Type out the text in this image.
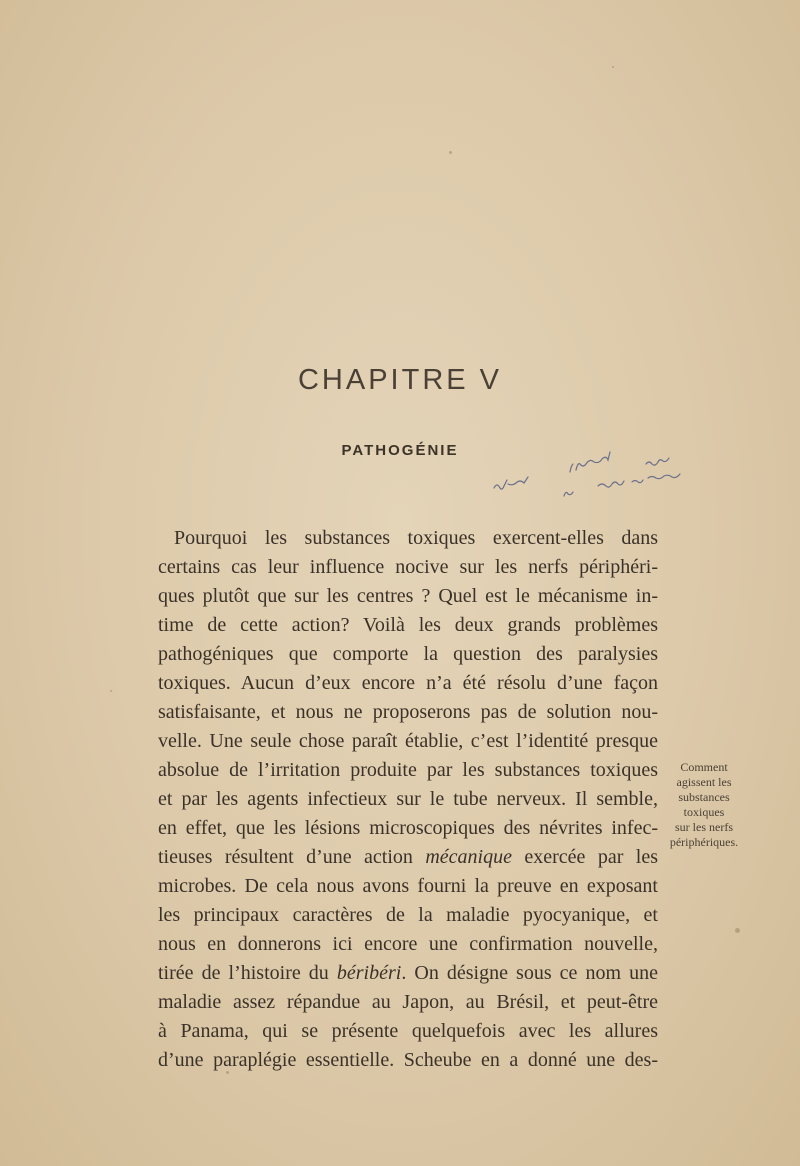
CHAPITRE V
PATHOGÉNIE
Pourquoi les substances toxiques exercent-elles dans
certains cas leur influence nocive sur les nerfs périphéri-
ques plutôt que sur les centres ? Quel est le mécanisme in-
time de cette action? Voilà les deux grands problèmes
pathogéniques que comporte la question des paralysies
toxiques. Aucun d’eux encore n’a été résolu d’une façon
satisfaisante, et nous ne proposerons pas de solution nou-
velle. Une seule chose paraît établie, c’est l’identité presque
absolue de l’irritation produite par les substances toxiques
et par les agents infectieux sur le tube nerveux. Il semble,
en effet, que les lésions microscopiques des névrites infec-
tieuses résultent d’une action mécanique exercée par les
microbes. De cela nous avons fourni la preuve en exposant
les principaux caractères de la maladie pyocyanique, et
nous en donnerons ici encore une confirmation nouvelle,
tirée de l’histoire du béribéri. On désigne sous ce nom une
maladie assez répandue au Japon, au Brésil, et peut-être
à Panama, qui se présente quelquefois avec les allures
d’une paraplégie essentielle. Scheube en a donné une des-
Comment
agissent les
substances
toxiques
sur les nerfs
périphériques.
